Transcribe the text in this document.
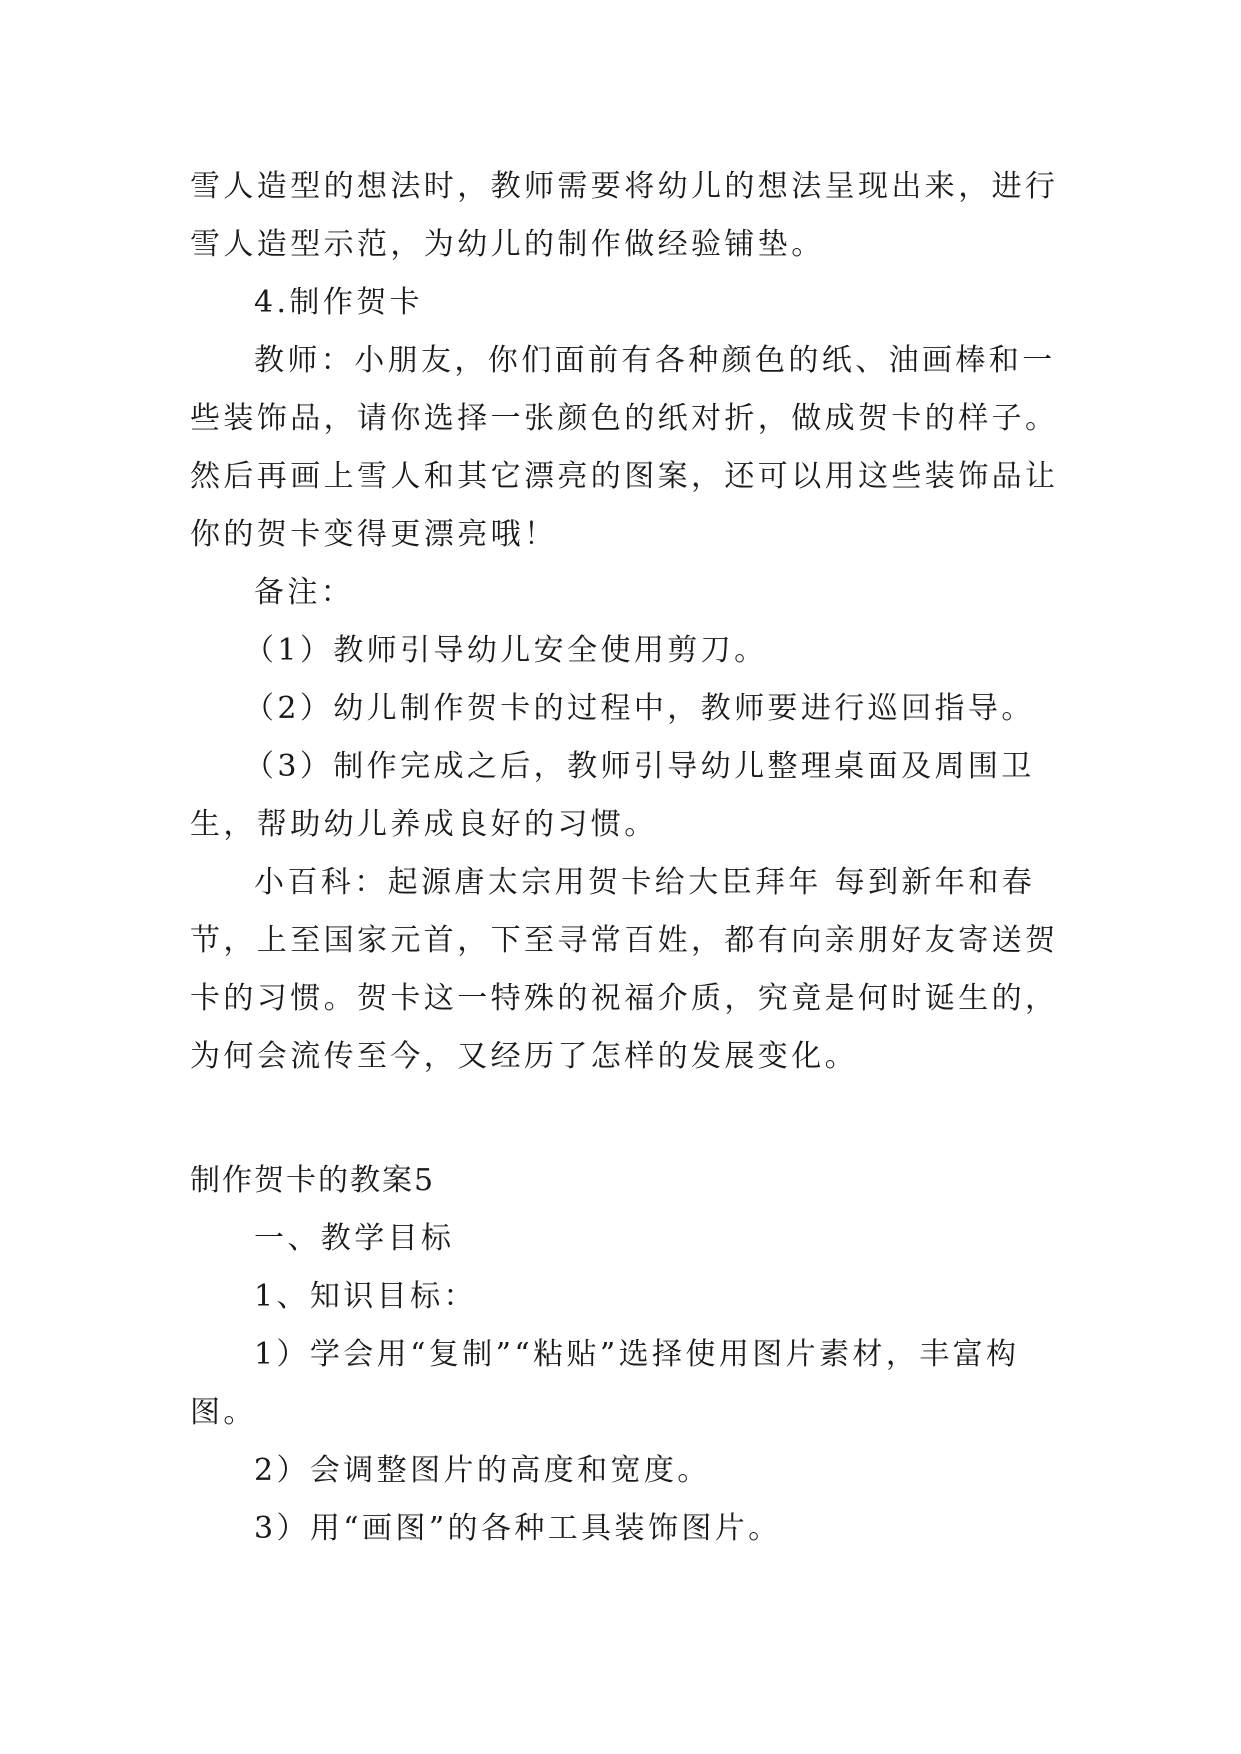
雪人造型的想法时，教师需要将幼儿的想法呈现出来，进行
雪人造型示范，为幼儿的制作做经验铺垫。
4.制作贺卡
教师：小朋友，你们面前有各种颜色的纸、油画棒和一
些装饰品，请你选择一张颜色的纸对折，做成贺卡的样子。
然后再画上雪人和其它漂亮的图案，还可以用这些装饰品让
你的贺卡变得更漂亮哦！
备注：
（1）教师引导幼儿安全使用剪刀。
（2）幼儿制作贺卡的过程中，教师要进行巡回指导。
（3）制作完成之后，教师引导幼儿整理桌面及周围卫
生，帮助幼儿养成良好的习惯。
小百科：起源唐太宗用贺卡给大臣拜年 每到新年和春
节，上至国家元首，下至寻常百姓，都有向亲朋好友寄送贺
卡的习惯。贺卡这一特殊的祝福介质，究竟是何时诞生的，
为何会流传至今，又经历了怎样的发展变化。
制作贺卡的教案5
一、教学目标
1、知识目标：
1）学会用“复制”“粘贴”选择使用图片素材，丰富构
图。
2）会调整图片的高度和宽度。
3）用“画图”的各种工具装饰图片。
